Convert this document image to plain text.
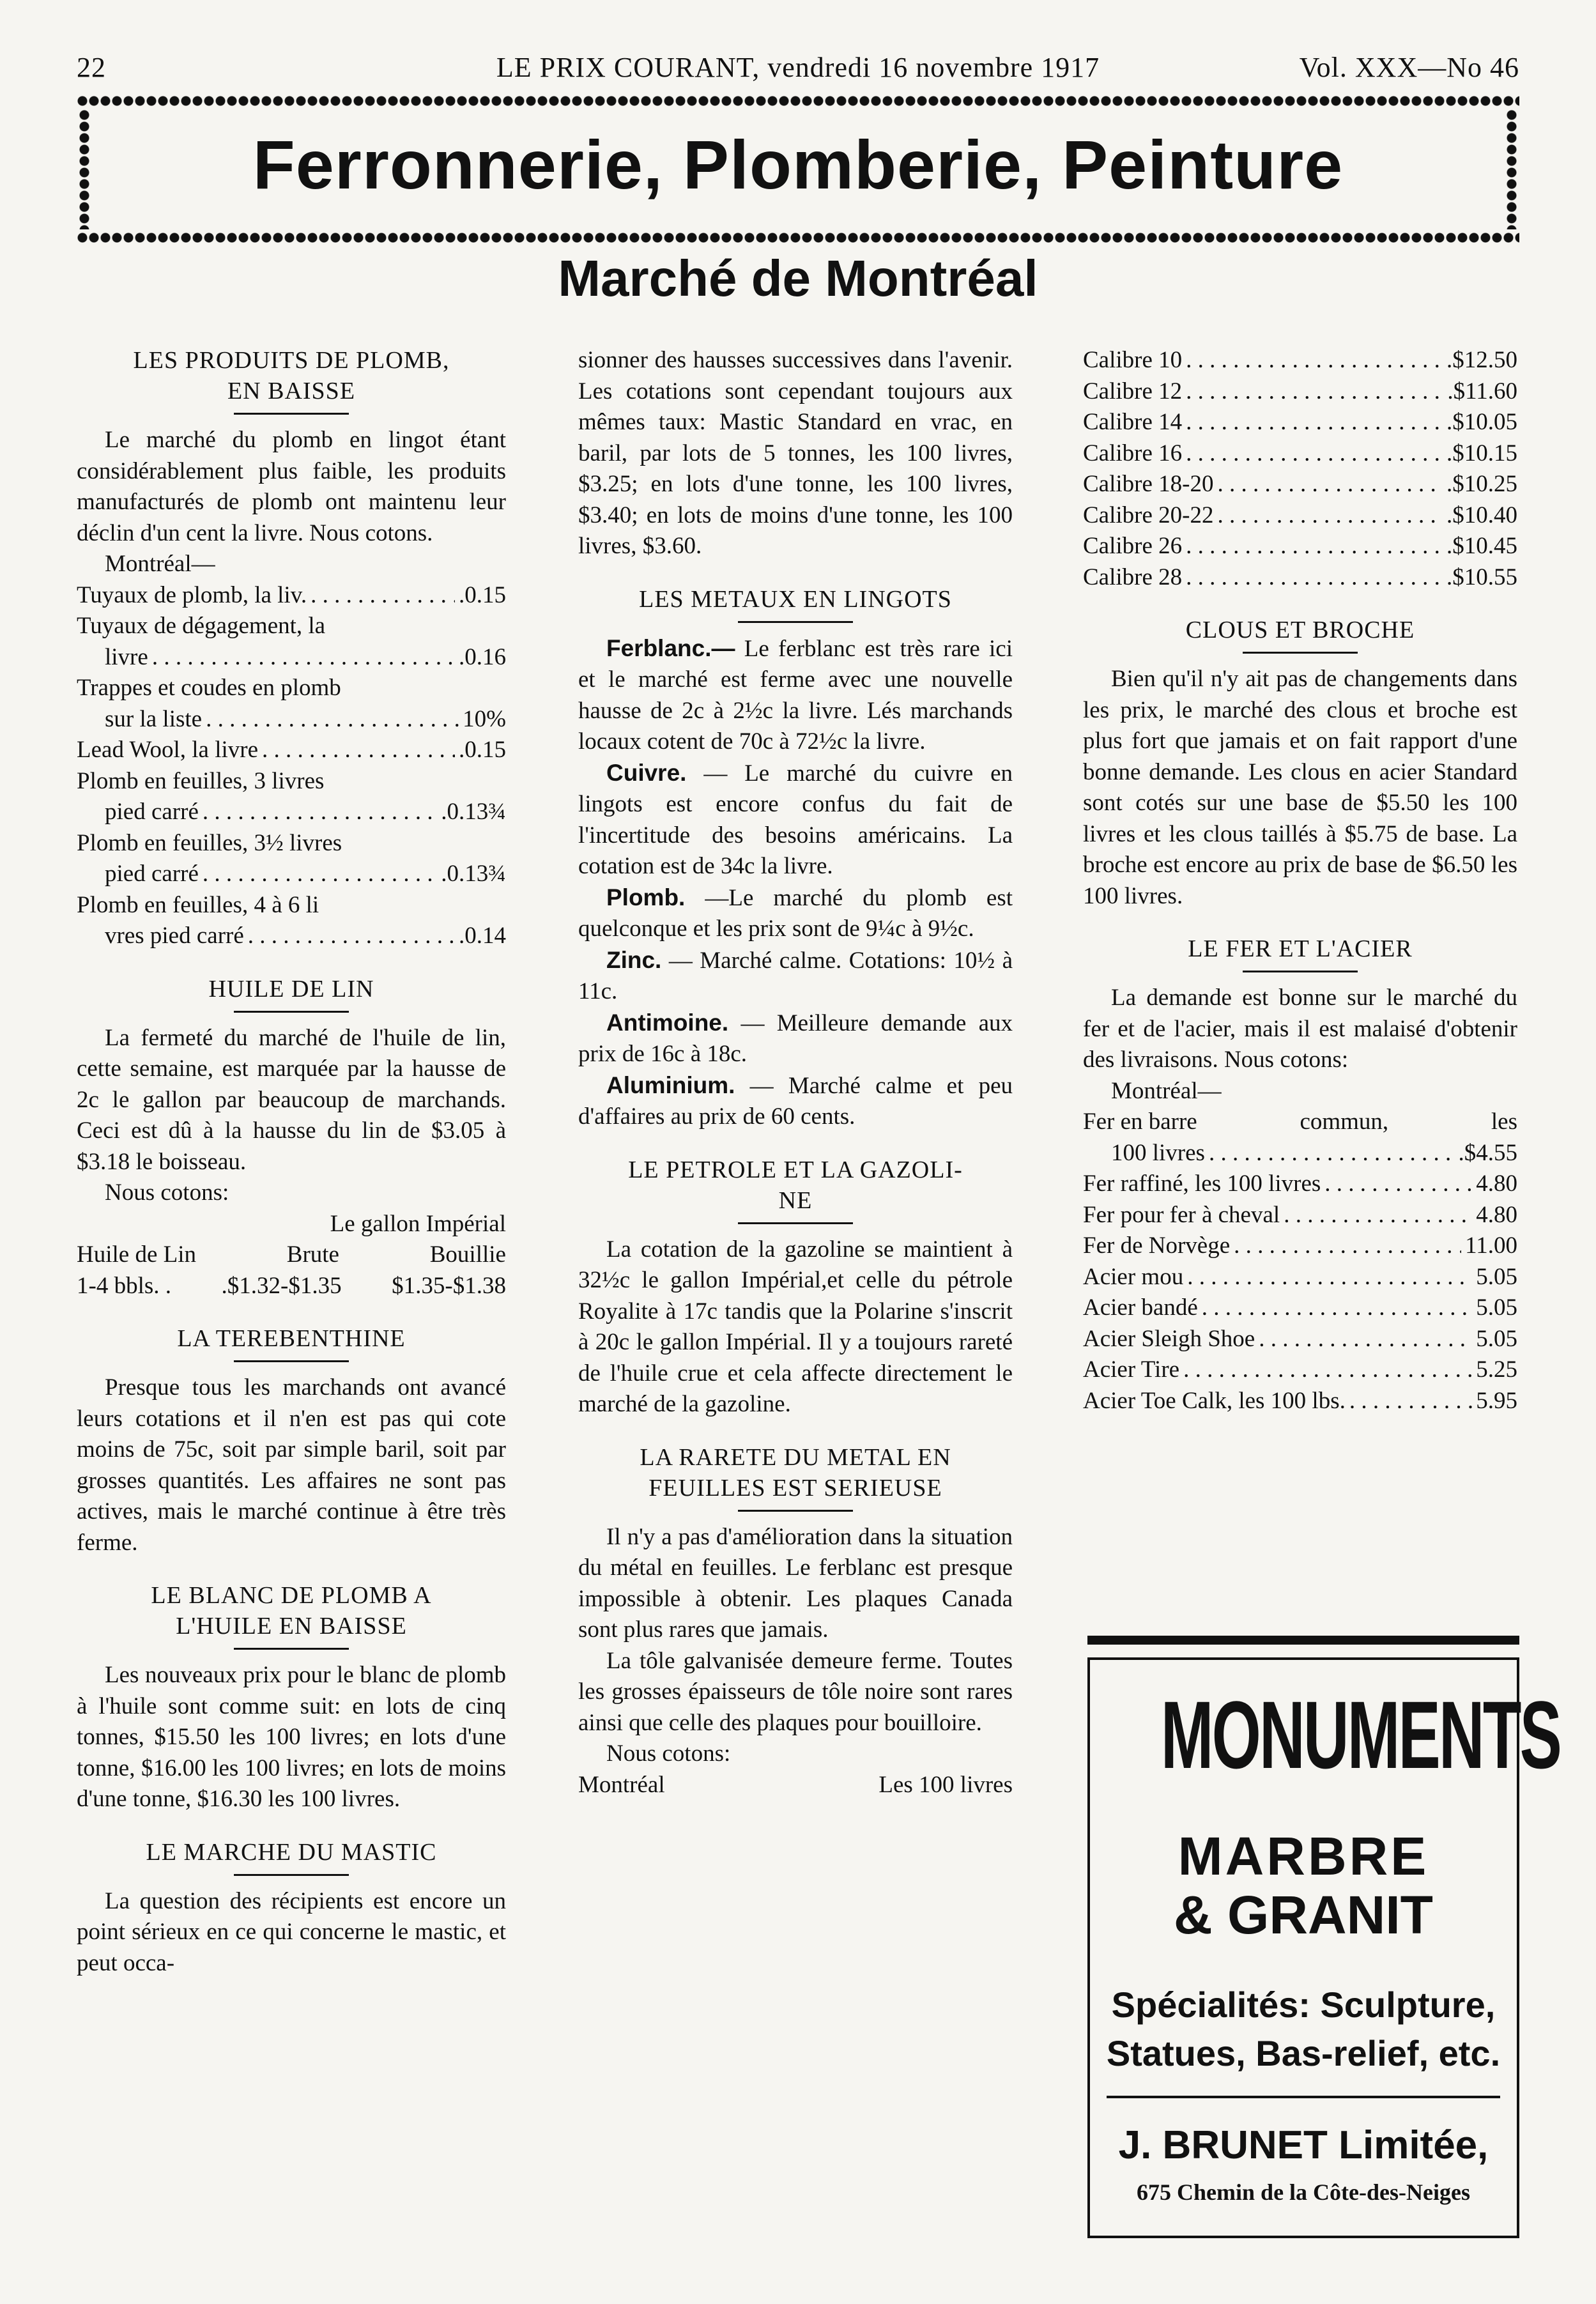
22	LE PRIX COURANT, vendredi 16 novembre 1917	Vol. XXX—No 46
Ferronnerie, Plomberie, Peinture
Marché de Montréal
LES PRODUITS DE PLOMB,
EN BAISSE

Le marché du plomb en lingot étant considérablement plus faible, les produits manufacturés de plomb ont maintenu leur déclin d'un cent la livre. Nous cotons.

Montréal—
Tuyaux de plomb, la liv. . . .	.0.15
Tuyaux de dégagement, la
livre . . .	.0.16
Trappes et coudes en plomb
sur la liste . . .	10%
Lead Wool, la livre . . .	.0.15
Plomb en feuilles, 3 livres
pied carré . . .	.0.13¾
Plomb en feuilles, 3½ livres
pied carré . . .	.0.13¾
Plomb en feuilles, 4 à 6 li
vres pied carré . . .	.0.14
HUILE DE LIN

La fermeté du marché de l'huile de lin, cette semaine, est marquée par la hausse de 2c le gallon par beaucoup de marchands. Ceci est dû à la hausse du lin de $3.05 à $3.18 le boisseau.

Nous cotons:
Le gallon Impérial
Huile de Lin	Brute	Bouillie
1-4 bbls. . .$1.32-$1.35 $1.35-$1.38
LA TEREBENTHINE

Presque tous les marchands ont avancé leurs cotations et il n'en est pas qui cote moins de 75c, soit par simple baril, soit par grosses quantités. Les affaires ne sont pas actives, mais le marché continue à être très ferme.

LE BLANC DE PLOMB A
L'HUILE EN BAISSE

Les nouveaux prix pour le blanc de plomb à l'huile sont comme suit: en lots de cinq tonnes, $15.50 les 100 livres; en lots d'une tonne, $16.00 les 100 livres; en lots de moins d'une tonne, $16.30 les 100 livres.

LE MARCHE DU MASTIC

La question des récipients est encore un point sérieux en ce qui concerne le mastic, et peut occa-

sionner des hausses successives dans l'avenir. Les cotations sont cependant toujours aux mêmes taux: Mastic Standard en vrac, en baril, par lots de 5 tonnes, les 100 livres, $3.25; en lots d'une tonne, les 100 livres, $3.40; en lots de moins d'une tonne, les 100 livres, $3.60.

LES METAUX EN LINGOTS

Ferblanc.— Le ferblanc est très rare ici et le marché est ferme avec une nouvelle hausse de 2c à 2½c la livre. Lés marchands locaux cotent de 70c à 72½c la livre.

Cuivre. — Le marché du cuivre en lingots est encore confus du fait de l'incertitude des besoins américains. La cotation est de 34c la livre.

Plomb. —Le marché du plomb est quelconque et les prix sont de 9¼c à 9½c.

Zinc. — Marché calme. Cotations: 10½ à 11c.

Antimoine. — Meilleure demande aux prix de 16c à 18c.

Aluminium. — Marché calme et peu d'affaires au prix de 60 cents.

LE PETROLE ET LA GAZOLI-
NE

La cotation de la gazoline se maintient à 32½c le gallon Impérial,et celle du pétrole Royalite à 17c tandis que la Polarine s'inscrit à 20c le gallon Impérial. Il y a toujours rareté de l'huile crue et cela affecte directement le marché de la gazoline.

LA RARETE DU METAL EN
FEUILLES EST SERIEUSE

Il n'y a pas d'amélioration dans la situation du métal en feuilles. Le ferblanc est presque impossible à obtenir. Les plaques Canada sont plus rares que jamais.

La tôle galvanisée demeure ferme. Toutes les grosses épaisseurs de tôle noire sont rares ainsi que celle des plaques pour bouilloire.

Nous cotons:
Montréal	Les 100 livres
Calibre 10 . . .	.$12.50
Calibre 12 . . .	.$11.60
Calibre 14 . . .	.$10.05
Calibre 16 . . .	.$10.15
Calibre 18-20 . . .	.$10.25
Calibre 20-22 . . .	.$10.40
Calibre 26 . . .	.$10.45
Calibre 28 . . .	.$10.55
CLOUS ET BROCHE

Bien qu'il n'y ait pas de changements dans les prix, le marché des clous et broche est plus fort que jamais et on fait rapport d'une bonne demande. Les clous en acier Standard sont cotés sur une base de $5.50 les 100 livres et les clous taillés à $5.75 de base. La broche est encore au prix de base de $6.50 les 100 livres.

LE FER ET L'ACIER

La demande est bonne sur le marché du fer et de l'acier, mais il est malaisé d'obtenir des livraisons. Nous cotons:

Montréal—
Fer en barre	commun,	les
100 livres . . .	.$4.55
Fer raffiné, les 100 livres . . .	4.80
Fer pour fer à cheval . . .	4.80
Fer de Norvège . . .	11.00
Acier mou . . .	5.05
Acier bandé . . .	5.05
Acier Sleigh Shoe . . .	5.05
Acier Tire . . .	5.25
Acier Toe Calk, les 100 lbs. . . .	5.95
MONUMENTS
MARBRE
& GRANIT
Spécialités: Sculpture,
Statues, Bas-relief, etc.
J. BRUNET Limitée,
675 Chemin de la Côte-des-Neiges
